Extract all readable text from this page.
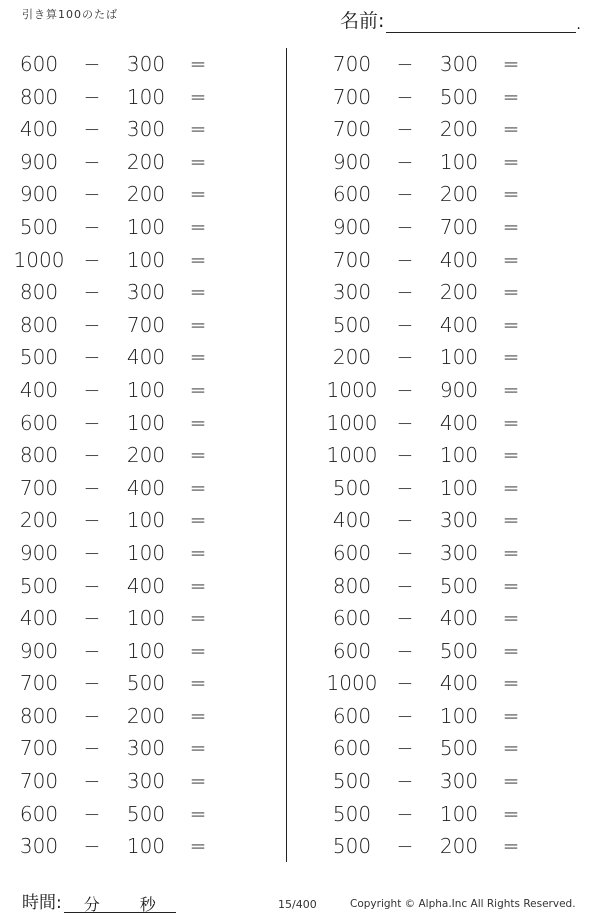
引き算100のたば	名前:	.
600	−	300	=
800	−	100	=
400	−	300	=
900	−	200	=
900	−	200	=
500	−	100	=
1000 −	100	=
800	−	300	=
800	−	700	=
500	−	400	=
400	−	100	=
600	−	100	=
800	−	200	=
700	−	400	=
200	−	100	=
900	−	100	=
500	−	400	=
400	−	100	=
900	−	100	=
700	−	500	=
800	−	200	=
700	−	300	=
700	−	300	=
600	−	500	=
300	−	100	=
700	−	300	=
700	−	500	=
700	−	200	=
900	−	100	=
600	−	200	=
900	−	700	=
700	−	400	=
300	−	200	=
500	−	400	=
200	−	100	=
1000 −	900	=
1000 −	400	=
1000 −	100	=
500	−	100	=
400	−	300	=
600	−	300	=
800	−	500	=
600	−	400	=
600	−	500	=
1000 −	400	=
600	−	100	=
600	−	500	=
500	−	300	=
500	−	100	=
500	−	200	=
時間: 分 秒	15/400	Copyright © Alpha.Inc All Rights Reserved.
